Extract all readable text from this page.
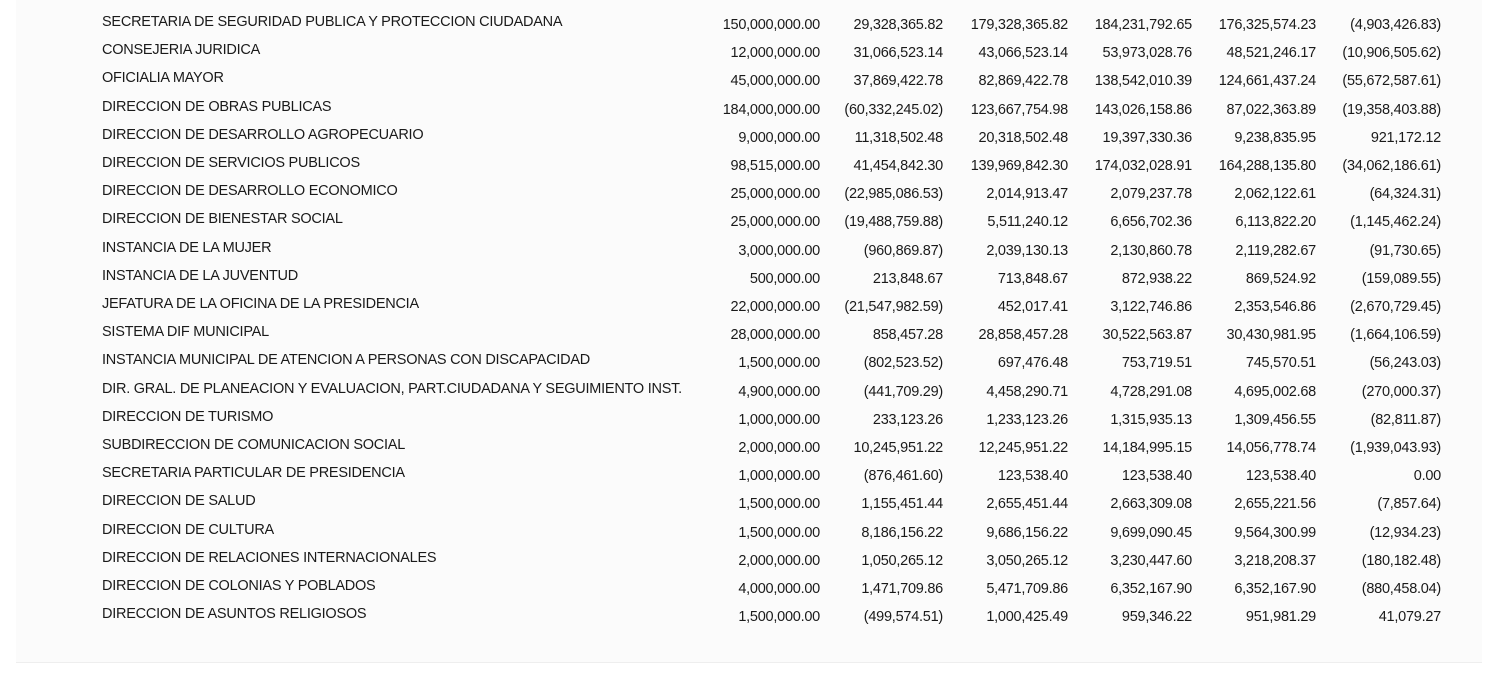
SECRETARIA DE SEGURIDAD PUBLICA Y PROTECCION CIUDADANA	150,000,000.00 29,328,365.82 179,328,365.82 184,231,792.65 176,325,574.23 (4,903,426.83)
CONSEJERIA JURIDICA	12,000,000.00 31,066,523.14 43,066,523.14 53,973,028.76 48,521,246.17 (10,906,505.62)
OFICIALIA MAYOR	45,000,000.00 37,869,422.78 82,869,422.78 138,542,010.39 124,661,437.24 (55,672,587.61)
DIRECCION DE OBRAS PUBLICAS	184,000,000.00 (60,332,245.02) 123,667,754.98 143,026,158.86 87,022,363.89 (19,358,403.88)
DIRECCION DE DESARROLLO AGROPECUARIO	9,000,000.00 11,318,502.48 20,318,502.48 19,397,330.36	9,238,835.95	921,172.12
DIRECCION DE SERVICIOS PUBLICOS	98,515,000.00 41,454,842.30 139,969,842.30 174,032,028.91 164,288,135.80 (34,062,186.61)
DIRECCION DE DESARROLLO ECONOMICO	25,000,000.00 (22,985,086.53)	2,014,913.47	2,079,237.78	2,062,122.61	(64,324.31)
DIRECCION DE BIENESTAR SOCIAL	25,000,000.00 (19,488,759.88)	5,511,240.12	6,656,702.36	6,113,822.20 (1,145,462.24)
INSTANCIA DE LA MUJER	3,000,000.00	(960,869.87)	2,039,130.13	2,130,860.78	2,119,282.67	(91,730.65)
INSTANCIA DE LA JUVENTUD	500,000.00	213,848.67	713,848.67	872,938.22	869,524.92	(159,089.55)
JEFATURA DE LA OFICINA DE LA PRESIDENCIA	22,000,000.00 (21,547,982.59)	452,017.41	3,122,746.86	2,353,546.86 (2,670,729.45)
SISTEMA DIF MUNICIPAL	28,000,000.00	858,457.28 28,858,457.28 30,522,563.87 30,430,981.95 (1,664,106.59)
INSTANCIA MUNICIPAL DE ATENCION A PERSONAS CON DISCAPACIDAD	1,500,000.00	(802,523.52)	697,476.48	753,719.51	745,570.51	(56,243.03)
DIR. GRAL. DE PLANEACION Y EVALUACION, PART.CIUDADANA Y SEGUIMIENTO INST.	4,900,000.00	(441,709.29)	4,458,290.71	4,728,291.08	4,695,002.68	(270,000.37)
DIRECCION DE TURISMO	1,000,000.00	233,123.26	1,233,123.26	1,315,935.13	1,309,456.55	(82,811.87)
SUBDIRECCION DE COMUNICACION SOCIAL	2,000,000.00 10,245,951.22 12,245,951.22 14,184,995.15 14,056,778.74 (1,939,043.93)
SECRETARIA PARTICULAR DE PRESIDENCIA	1,000,000.00	(876,461.60)	123,538.40	123,538.40	123,538.40	0.00
DIRECCION DE SALUD	1,500,000.00	1,155,451.44	2,655,451.44	2,663,309.08	2,655,221.56	(7,857.64)
DIRECCION DE CULTURA	1,500,000.00	8,186,156.22	9,686,156.22	9,699,090.45	9,564,300.99	(12,934.23)
DIRECCION DE RELACIONES INTERNACIONALES	2,000,000.00	1,050,265.12	3,050,265.12	3,230,447.60	3,218,208.37	(180,182.48)
DIRECCION DE COLONIAS Y POBLADOS	4,000,000.00	1,471,709.86	5,471,709.86	6,352,167.90	6,352,167.90	(880,458.04)
DIRECCION DE ASUNTOS RELIGIOSOS	1,500,000.00	(499,574.51)	1,000,425.49	959,346.22	951,981.29	41,079.27
